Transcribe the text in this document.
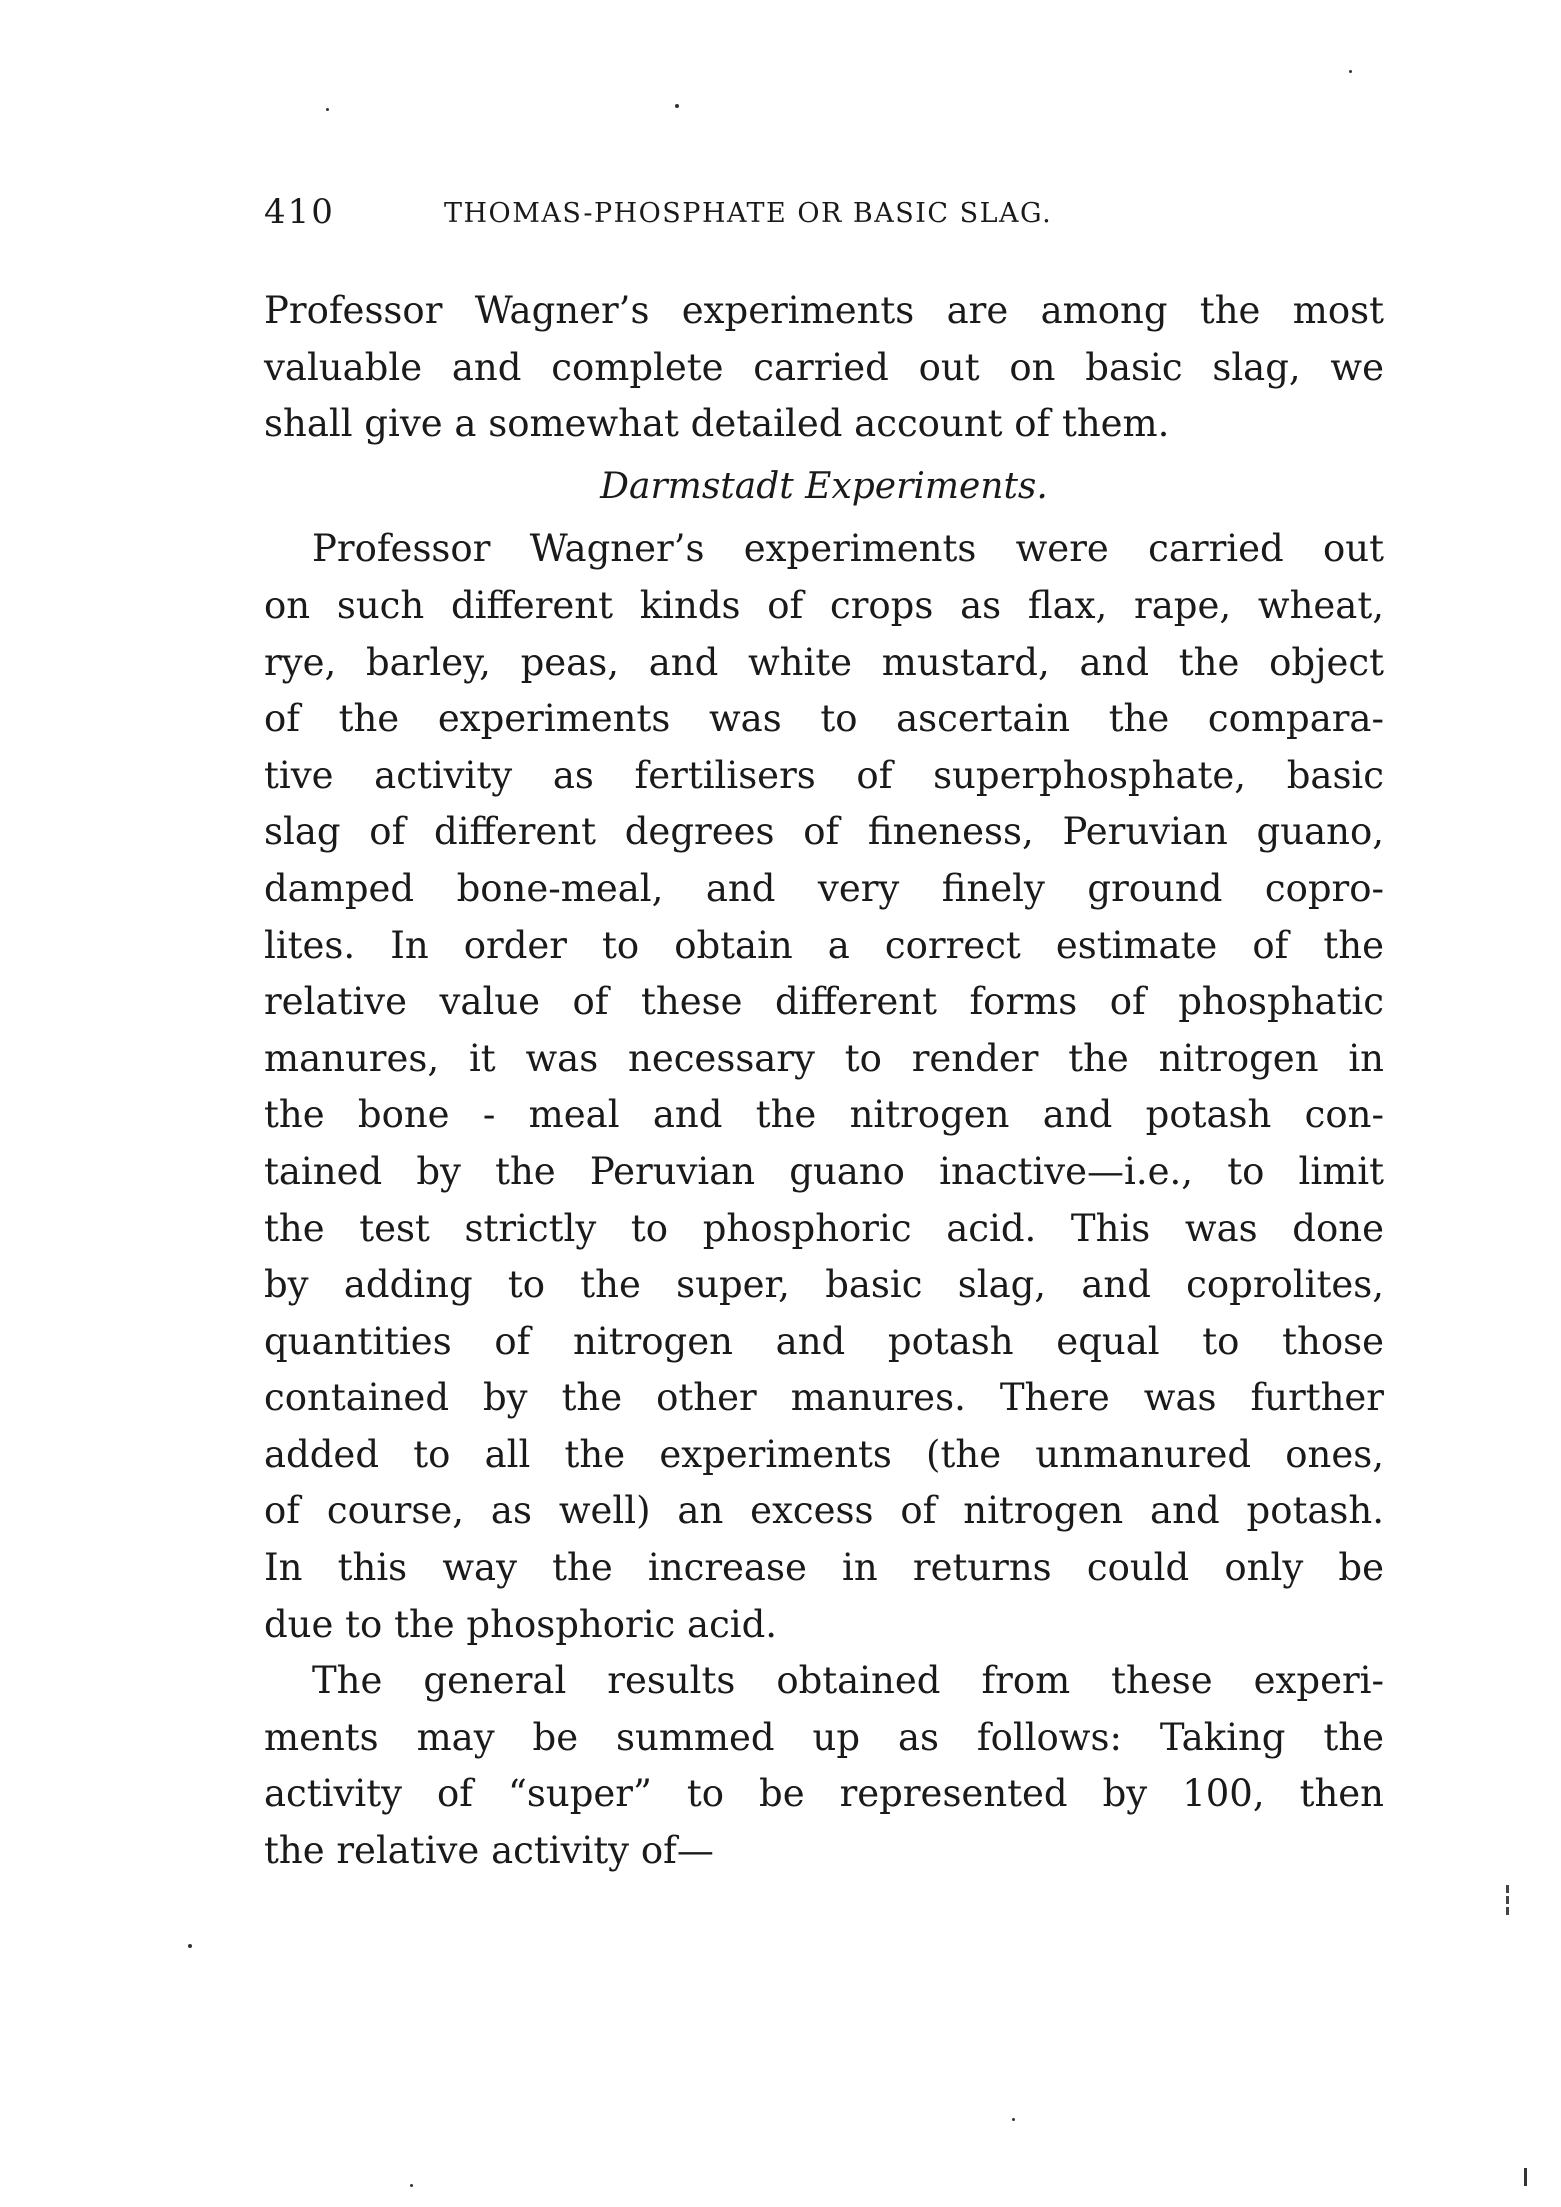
410	THOMAS-PHOSPHATE OR BASIC SLAG.
Professor Wagner’s experiments are among the most
valuable and complete carried out on basic slag, we
shall give a somewhat detailed account of them.
Darmstadt Experiments.
Professor Wagner’s experiments were carried out
on such different kinds of crops as flax, rape, wheat,
rye, barley, peas, and white mustard, and the object
of the experiments was to ascertain the compara-
tive activity as fertilisers of superphosphate, basic
slag of different degrees of fineness, Peruvian guano,
damped bone-meal, and very finely ground copro-
lites. In order to obtain a correct estimate of the
relative value of these different forms of phosphatic
manures, it was necessary to render the nitrogen in
the bone - meal and the nitrogen and potash con-
tained by the Peruvian guano inactive—i.e., to limit
the test strictly to phosphoric acid. This was done
by adding to the super, basic slag, and coprolites,
quantities of nitrogen and potash equal to those
contained by the other manures. There was further
added to all the experiments (the unmanured ones,
of course, as well) an excess of nitrogen and potash.
In this way the increase in returns could only be
due to the phosphoric acid.
The general results obtained from these experi-
ments may be summed up as follows: Taking the
activity of “super” to be represented by 100, then
the relative activity of—
